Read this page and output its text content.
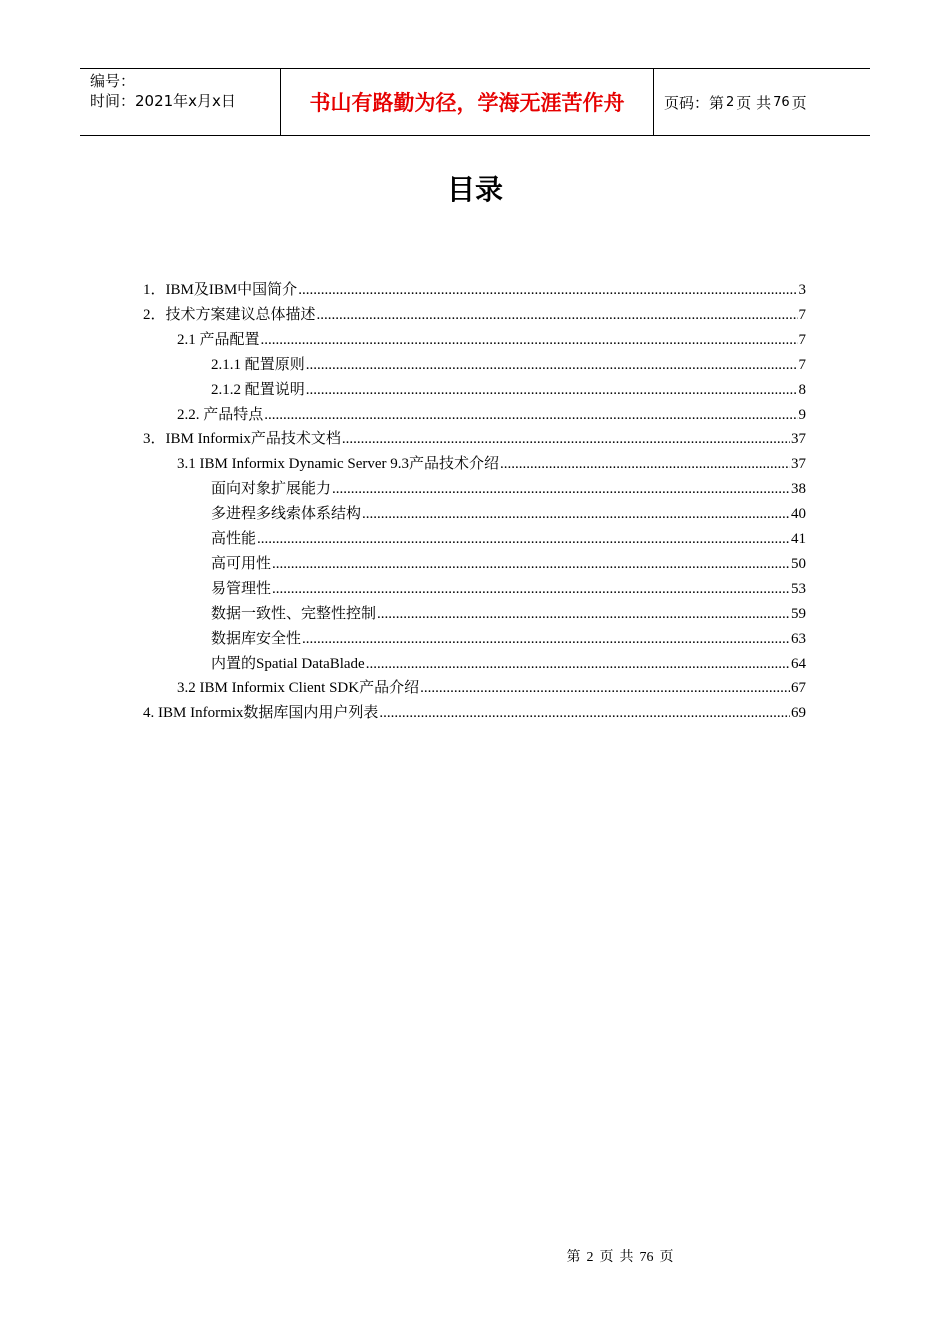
编号：
时间：2021年x月x日	书山有路勤为径，学海无涯苦作舟	页码：第 2 页 共 76 页
目录
1．IBM及IBM中国简介 .....	3
2．技术方案建议总体描述 .....	7
2.1 产品配置 .....	7
2.1.1 配置原则 .....	7
2.1.2 配置说明 .....	8
2.2. 产品特点 .....	9
3．IBM Informix产品技术文档 .....	37
3.1 IBM Informix Dynamic Server 9.3产品技术介绍 .....	37
面向对象扩展能力 .....	38
多进程多线索体系结构 .....	40
高性能 .....	41
高可用性 .....	50
易管理性 .....	53
数据一致性、完整性控制 .....	59
数据库安全性 .....	63
内置的Spatial DataBlade .....	64
3.2 IBM Informix Client SDK产品介绍 .....	67
4. IBM Informix数据库国内用户列表 .....	69
第 2 页 共 76 页
